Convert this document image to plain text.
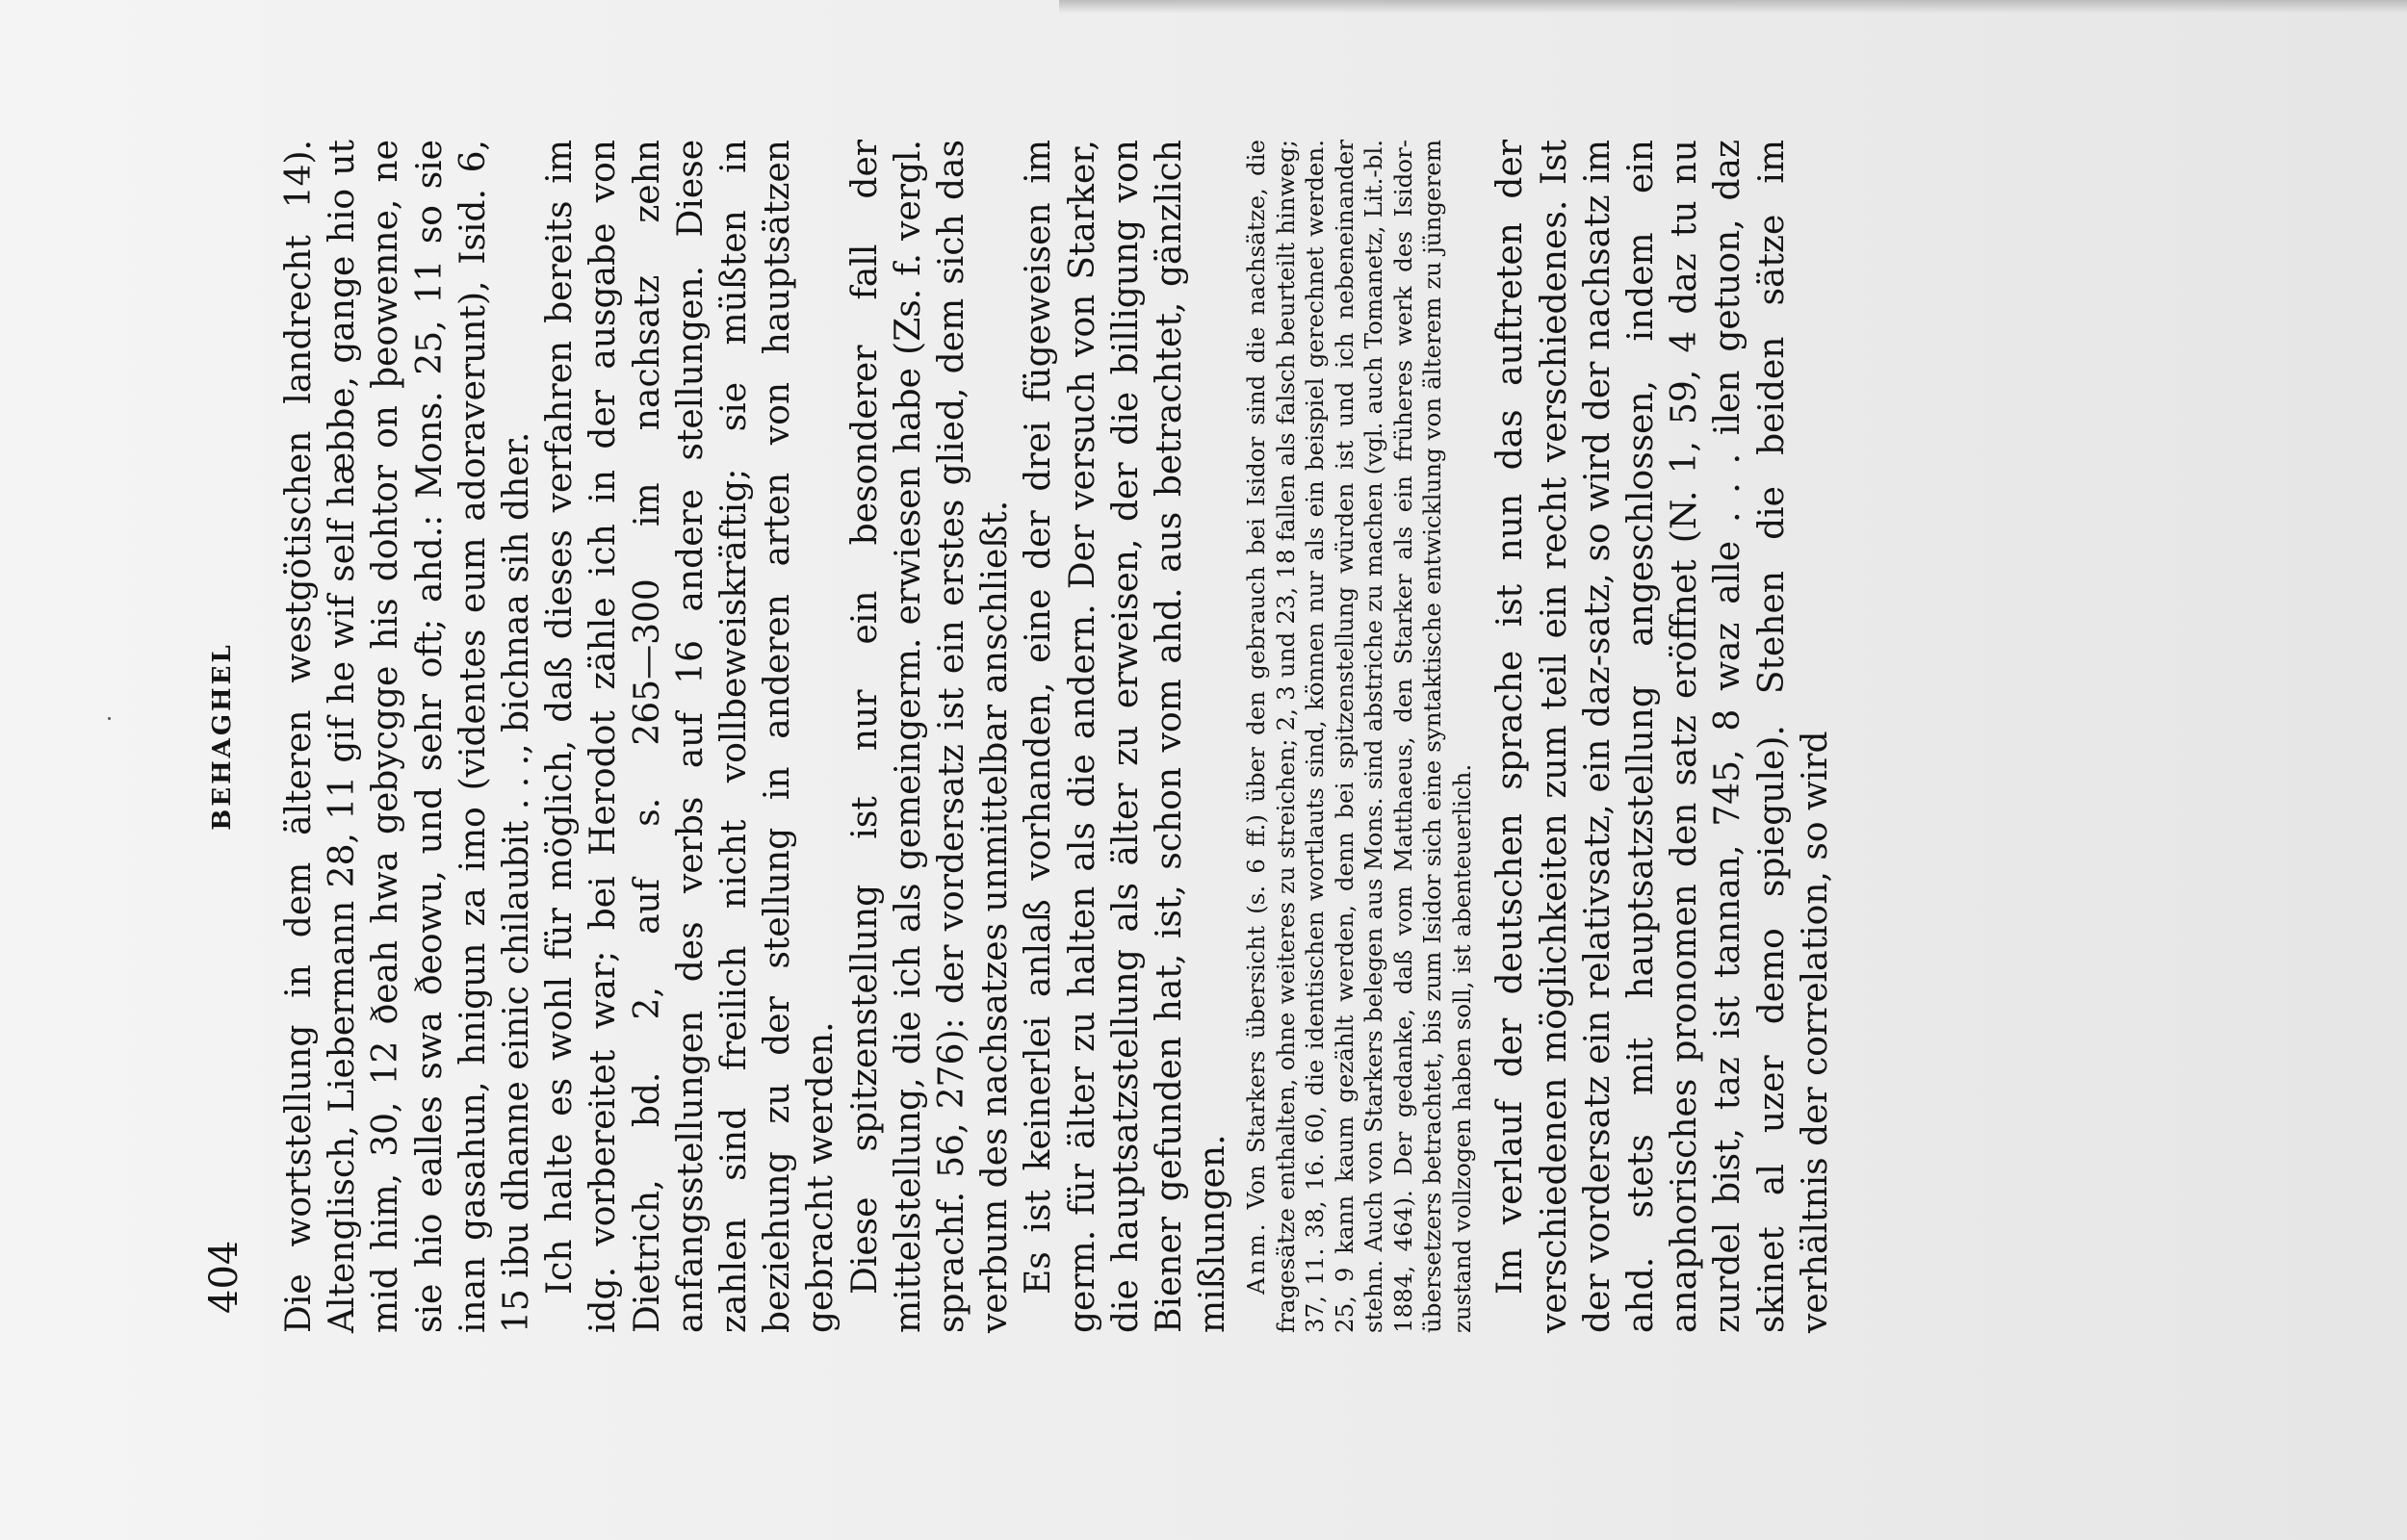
404
BEHAGHEL Die wortstellung in dem älteren westgötischen landrecht 14). Altenglisch, Liebermann 28, 11 gif he wif self hæbbe, gange hio ut mid him, 30, 12 ðeah hwa gebycgge his dohtor on þeowenne, ne sie hio ealles swa ðeowu, und sehr oft; ahd.: Mons. 25, 11 so sie inan gasahun, hnigun za imo (videntes eum adoraverunt), Isid. 6, 15 ibu dhanne einic chilaubit . . ., bichnaa sih dher. Ich halte es wohl für möglich, daß dieses verfahren bereits im idg. vorbereitet war; bei Herodot zähle ich in der ausgabe von Dietrich, bd. 2, auf s. 265—300 im nachsatz zehn anfangsstellungen des verbs auf 16 andere stellungen. Diese zahlen sind freilich nicht vollbeweiskräftig; sie müßten in beziehung zu der stellung in anderen arten von hauptsätzen gebracht werden. Diese spitzenstellung ist nur ein besonderer fall der mittelstellung, die ich als gemeingerm. erwiesen habe (Zs. f. vergl. sprachf. 56, 276): der vordersatz ist ein erstes glied, dem sich das verbum des nachsatzes unmittelbar anschließt. Es ist keinerlei anlaß vorhanden, eine der drei fügeweisen im germ. für älter zu halten als die andern. Der versuch von Starker, die hauptsatzstellung als älter zu erweisen, der die billigung von Biener gefunden hat, ist, schon vom ahd. aus betrachtet, gänzlich mißlungen. Anm. Von Starkers übersicht (s. 6 ff.) über den gebrauch bei Isidor sind die nachsätze, die fragesätze enthalten, ohne weiteres zu streichen; 2, 3 und 23, 18 fallen als falsch beurteilt hinweg; 37, 11. 38, 16. 60, die identischen wortlauts sind, können nur als ein beispiel gerechnet werden. 25, 9 kann kaum gezählt werden, denn bei spitzenstellung würden ist und ich nebeneinander stehn. Auch von Starkers belegen aus Mons. sind abstriche zu machen (vgl. auch Tomanetz, Lit.-bl. 1884, 464). Der gedanke, daß vom Matthaeus, den Starker als ein früheres werk des Isidor-übersetzers betrachtet, bis zum Isidor sich eine syntaktische entwicklung von älterem zu jüngerem zustand vollzogen haben soll, ist abenteuerlich. Im verlauf der deutschen sprache ist nun das auftreten der verschiedenen möglichkeiten zum teil ein recht verschiedenes. Ist der vordersatz ein relativsatz, ein daz-satz, so wird der nachsatz im ahd. stets mit hauptsatzstellung angeschlossen, indem ein anaphorisches pronomen den satz eröffnet (N. 1, 59, 4 daz tu nu zurdel bist, taz ist tannan, 745, 8 waz alle . . . ilen getuon, daz skinet al uzer demo spiegule). Stehen die beiden sätze im verhältnis der correlation, so wird
